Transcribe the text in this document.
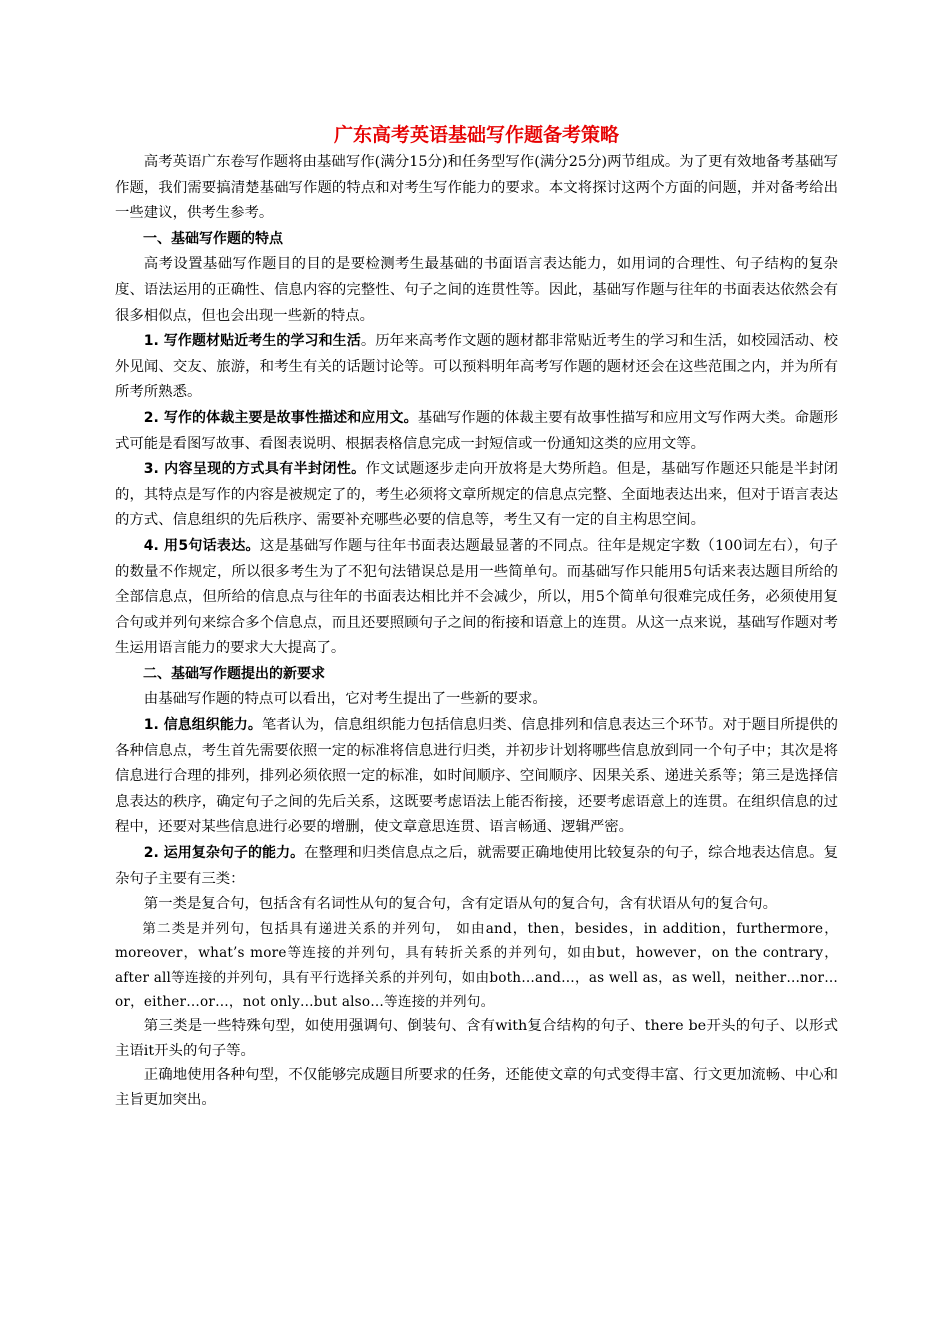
广东高考英语基础写作题备考策略

高考英语广东卷写作题将由基础写作(满分15分)和任务型写作(满分25分)两节组成。为了更有效地备考基础写作题，我们需要搞清楚基础写作题的特点和对考生写作能力的要求。本文将探讨这两个方面的问题，并对备考给出一些建议，供考生参考。

一、基础写作题的特点

高考设置基础写作题目的目的是要检测考生最基础的书面语言表达能力，如用词的合理性、句子结构的复杂度、语法运用的正确性、信息内容的完整性、句子之间的连贯性等。因此，基础写作题与往年的书面表达依然会有很多相似点，但也会出现一些新的特点。

1. 写作题材贴近考生的学习和生活。历年来高考作文题的题材都非常贴近考生的学习和生活，如校园活动、校外见闻、交友、旅游，和考生有关的话题讨论等。可以预料明年高考写作题的题材还会在这些范围之内，并为所有所考所熟悉。

2. 写作的体裁主要是故事性描述和应用文。基础写作题的体裁主要有故事性描写和应用文写作两大类。命题形式可能是看图写故事、看图表说明、根据表格信息完成一封短信或一份通知这类的应用文等。

3. 内容呈现的方式具有半封闭性。作文试题逐步走向开放将是大势所趋。但是，基础写作题还只能是半封闭的，其特点是写作的内容是被规定了的，考生必须将文章所规定的信息点完整、全面地表达出来，但对于语言表达的方式、信息组织的先后秩序、需要补充哪些必要的信息等，考生又有一定的自主构思空间。

4. 用5句话表达。这是基础写作题与往年书面表达题最显著的不同点。往年是规定字数（100词左右），句子的数量不作规定，所以很多考生为了不犯句法错误总是用一些简单句。而基础写作只能用5句话来表达题目所给的全部信息点，但所给的信息点与往年的书面表达相比并不会减少，所以，用5个简单句很难完成任务，必须使用复合句或并列句来综合多个信息点，而且还要照顾句子之间的衔接和语意上的连贯。从这一点来说，基础写作题对考生运用语言能力的要求大大提高了。

二、基础写作题提出的新要求

由基础写作题的特点可以看出，它对考生提出了一些新的要求。

1. 信息组织能力。笔者认为，信息组织能力包括信息归类、信息排列和信息表达三个环节。对于题目所提供的各种信息点，考生首先需要依照一定的标准将信息进行归类，并初步计划将哪些信息放到同一个句子中；其次是将信息进行合理的排列，排列必须依照一定的标准，如时间顺序、空间顺序、因果关系、递进关系等；第三是选择信息表达的秩序，确定句子之间的先后关系，这既要考虑语法上能否衔接，还要考虑语意上的连贯。在组织信息的过程中，还要对某些信息进行必要的增删，使文章意思连贯、语言畅通、逻辑严密。

2. 运用复杂句子的能力。在整理和归类信息点之后，就需要正确地使用比较复杂的句子，综合地表达信息。复杂句子主要有三类：

第一类是复合句，包括含有名词性从句的复合句，含有定语从句的复合句，含有状语从句的复合句。

第二类是并列句，包括具有递进关系的并列句， 如由and，then，besides，in addition，furthermore，moreover，what’s more等连接的并列句，具有转折关系的并列句，如由but，however，on the contrary，after all等连接的并列句，具有平行选择关系的并列句，如由both…and…，as well as，as well，neither…nor…or，either…or…，not only…but also…等连接的并列句。

第三类是一些特殊句型，如使用强调句、倒装句、含有with复合结构的句子、there be开头的句子、以形式主语it开头的句子等。

正确地使用各种句型，不仅能够完成题目所要求的任务，还能使文章的句式变得丰富、行文更加流畅、中心和主旨更加突出。
